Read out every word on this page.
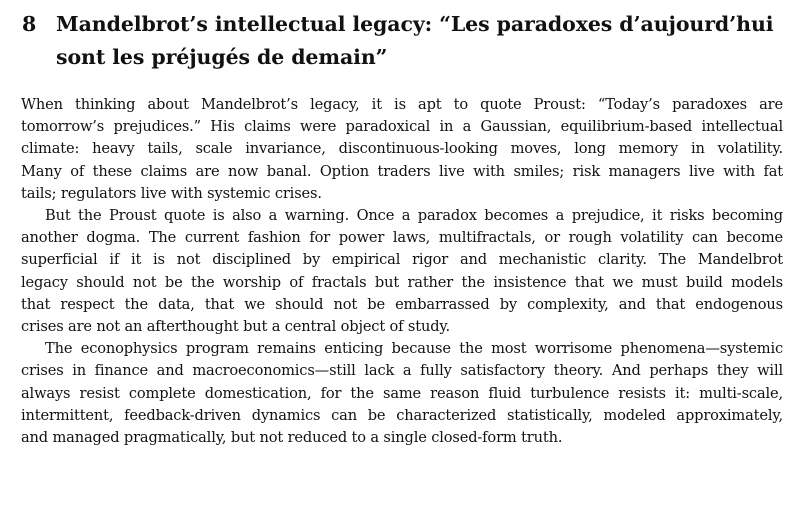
8 Mandelbrot’s intellectual legacy: “Les paradoxes d’aujourd’hui
sont les préjugés de demain”
When thinking about Mandelbrot’s legacy, it is apt to quote Proust: “Today’s paradoxes are
tomorrow’s prejudices.” His claims were paradoxical in a Gaussian, equilibrium-based intellectual
climate: heavy tails, scale invariance, discontinuous-looking moves, long memory in volatility.
Many of these claims are now banal. Option traders live with smiles; risk managers live with fat
tails; regulators live with systemic crises.
But the Proust quote is also a warning. Once a paradox becomes a prejudice, it risks becoming
another dogma. The current fashion for power laws, multifractals, or rough volatility can become
superficial if it is not disciplined by empirical rigor and mechanistic clarity. The Mandelbrot
legacy should not be the worship of fractals but rather the insistence that we must build models
that respect the data, that we should not be embarrassed by complexity, and that endogenous
crises are not an afterthought but a central object of study.
The econophysics program remains enticing because the most worrisome phenomena—systemic
crises in finance and macroeconomics—still lack a fully satisfactory theory. And perhaps they will
always resist complete domestication, for the same reason fluid turbulence resists it: multi-scale,
intermittent, feedback-driven dynamics can be characterized statistically, modeled approximately,
and managed pragmatically, but not reduced to a single closed-form truth.
